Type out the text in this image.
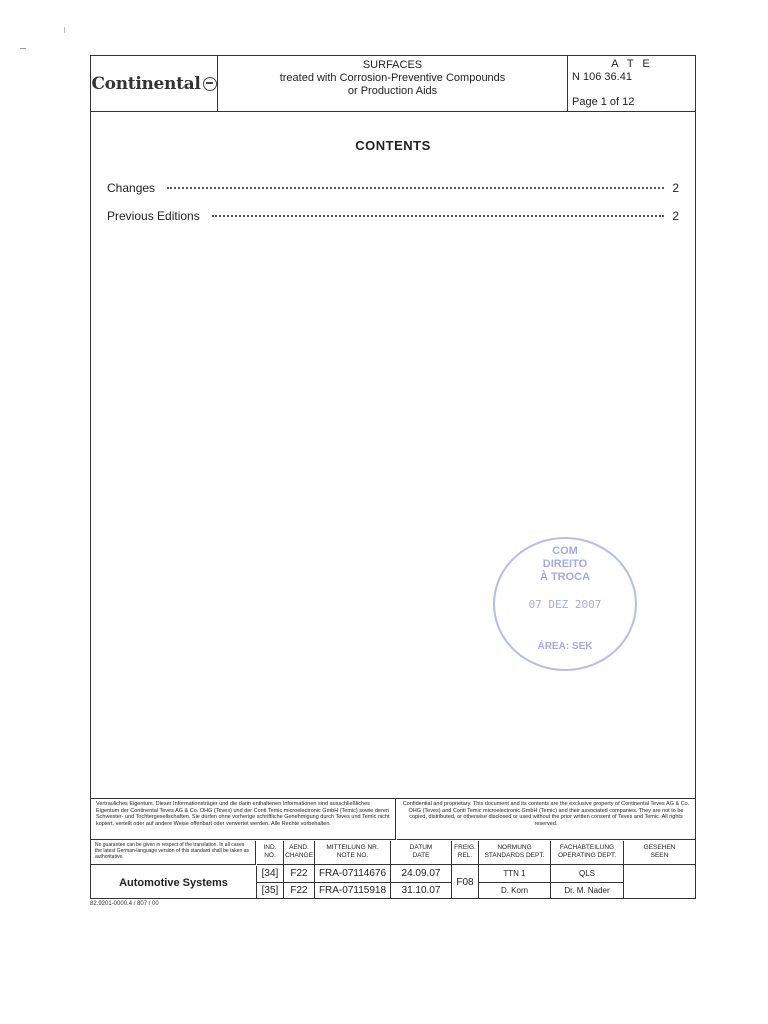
Continental
SURFACES
treated with Corrosion-Preventive Compounds
or Production Aids
A T E
N 106 36.41
Page 1 of 12
CONTENTS
Changes	2
Previous Editions	2
Vertrauliches Eigentum. Dieser Informationsträger und die darin enthaltenen Informationen sind ausschließliches Eigentum der Continental Teves AG & Co. OHG (Teves) und der Conti Temic microelectronic GmbH (Temic) sowie deren Schwester- und Tochtergesellschaften. Sie dürfen ohne vorherige schriftliche Genehmigung durch Teves und Temic nicht kopiert, verteilt oder auf andere Weise offenbart oder verwertet werden. Alle Rechte vorbehalten.
Confidential and proprietary. This document and its contents are the exclusive property of Continental Teves AG & Co. OHG (Teves) and Conti Temic microelectronic GmbH (Temic) and their associated companies. They are not to be copied, distributed, or otherwise disclosed or used without the prior written consent of Teves and Temic. All rights reserved.
No guarantee can be given in respect of the translation. In all cases the latest German-language version of this standard shall be taken as authoritative.
Automotive Systems
IND.
NO.
[34]
[35]
AEND.
CHANGE
F22
F22
MITTEILUNG NR.
NOTE NO.
FRA-07114676
FRA-07115918
DATUM
DATE
24.09.07
31.10.07
FREIG.
REL.
F08
NORMUNG
STANDARDS DEPT.
TTN 1
D. Korn
FACHABTEILUNG
OPERATING DEPT.
QLS
Dr. M. Nader
GESEHEN
SEEN
COM
DIREITO
À TROCA
07 DEZ 2007
ÁREA: SEK
82.9201-0000.4 / 807 / 00
